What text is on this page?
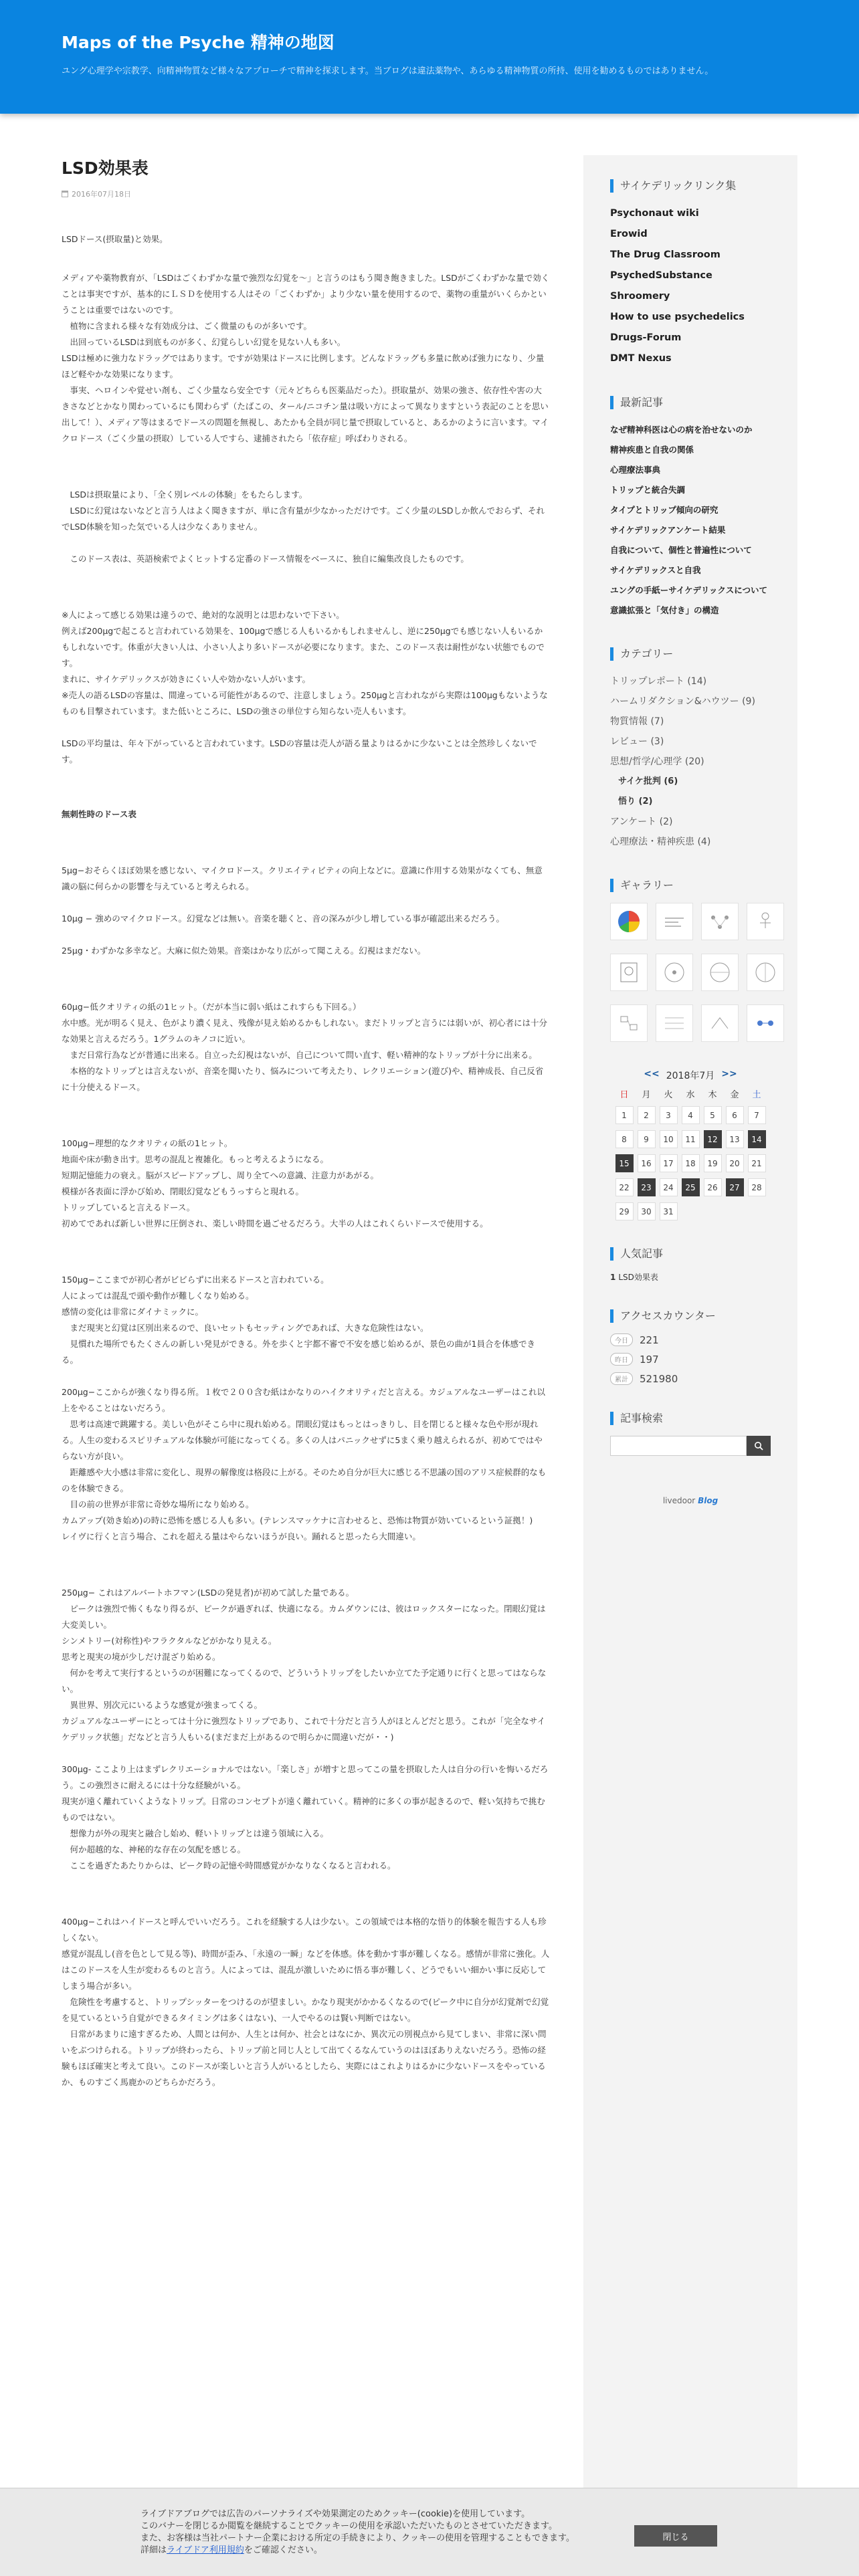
Maps of the Psyche 精神の地図
ユング心理学や宗教学、向精神物質など様々なアプローチで精神を探求します。当ブログは違法薬物や、あらゆる精神物質の所持、使用を勧めるものではありません。
LSD効果表
2016年07月18日

LSDドース(摂取量)と効果。

メディアや薬物教育が、「LSDはごくわずかな量で強烈な幻覚を〜」と言うのはもう聞き飽きました。LSDがごくわずかな量で効くことは事実ですが、基本的にＬＳＤを使用する人はその「ごくわずか」より少ない量を使用するので、薬物の重量がいくらかということは重要ではないのです。
　植物に含まれる様々な有効成分は、ごく微量のものが多いです。
　出回っているLSDは到底ものが多く、幻覚らしい幻覚を見ない人も多い。
LSDは極めに強力なドラッグではあります。ですが効果はドースに比例します。どんなドラッグも多量に飲めば強力になり、少量ほど軽やかな効果になります。
　事実、ヘロインや覚せい剤も、ごく少量なら安全です（元々どちらも医薬品だった）。摂取量が、効果の強さ、依存性や害の大きさなどとかなり関わっているにも関わらず（たばこの、タール/ニコチン量は吸い方によって異なりますという表記のことを思い出して！）、メディア等はまるでドースの問題を無視し、あたかも全員が同じ量で摂取していると、あるかのように言います。マイクロドース（ごく少量の摂取）している人ですら、逮捕されたら「依存症」呼ばわりされる。

　LSDは摂取量により、「全く別レベルの体験」をもたらします。
　LSDに幻覚はないなどと言う人はよく聞きますが、単に含有量が少なかっただけです。ごく少量のLSDしか飲んでおらず、それでLSD体験を知った気でいる人は少なくありません。

　このドース表は、英語検索でよくヒットする定番のドース情報をベースに、独自に編集改良したものです。

※人によって感じる効果は違うので、絶対的な説明とは思わないで下さい。
例えば200μgで起こると言われている効果を、100μgで感じる人もいるかもしれませんし、逆に250μgでも感じない人もいるかもしれないです。体重が大きい人は、小さい人より多いドースが必要になります。また、このドース表は耐性がない状態でものです。
まれに、サイケデリックスが効きにくい人や効かない人がいます。
※売人の語るLSDの容量は、間違っている可能性があるので、注意しましょう。250μgと言われながら実際は100μgもないようなものも目撃されています。また低いところに、LSDの強さの単位すら知らない売人もいます。

LSDの平均量は、年々下がっていると言われています。LSDの容量は売人が語る量よりはるかに少ないことは全然珍しくないです。

無刺性時のドース表

5μg−おそらくほぼ効果を感じない、マイクロドース。クリエイティビティの向上などに。意識に作用する効果がなくても、無意識の脳に何らかの影響を与えていると考えられる。

10μg − 強めのマイクロドース。幻覚などは無い。音楽を聴くと、音の深みが少し増している事が確認出来るだろう。

25μg・わずかな多幸など。大麻に似た効果。音楽はかなり広がって聞こえる。幻視はまだない。

60μg−低クオリティの紙の1ヒット。（だが本当に弱い紙はこれすらも下回る。）
水中感。光が明るく見え、色がより濃く見え、残像が見え始めるかもしれない。まだトリップと言うには弱いが、初心者には十分な効果と言えるだろう。1グラムのキノコに近い。
　まだ日常行為などが普通に出来る。自立った幻視はないが、自己について問い直す、軽い精神的なトリップが十分に出来る。
　本格的なトリップとは言えないが、音楽を聞いたり、悩みについて考えたり、レクリエーション(遊び)や、精神成長、自己反省に十分使えるドース。

100μg−理想的なクオリティの紙の1ヒット。
地面や床が動き出す。思考の混乱と複雑化。もっと考えるようになる。
短期記憶能力の衰え。脳がスピードアップし、周り全てへの意識、注意力があがる。
模様が各表面に浮かび始め、閉眼幻覚などもうっすらと現れる。
トリップしていると言えるドース。
初めてであれば新しい世界に圧倒され、楽しい時間を過ごせるだろう。大半の人はこれくらいドースで使用する。

150μg−ここまでが初心者がビビらずに出来るドースと言われている。
人によっては混乱で頭や動作が難しくなり始める。
感情の変化は非常にダイナミックに。
　まだ現実と幻覚は区別出来るので、良いセットもセッティングであれば、大きな危険性はない。
　見慣れた場所でもたくさんの新しい発見ができる。外を歩くと宇都不審で不安を感じ始めるが、景色の曲が1員合を体感できる。

200μg−ここからが強くなり得る所。１枚で２００含む紙はかなりのハイクオリティだと言える。カジュアルなユーザーはこれ以上をやることはないだろう。
　思考は高速で跳躍する。美しい色がそこら中に現れ始める。閉眼幻覚はもっとはっきりし、目を閉じると様々な色や形が現れる。人生の変わるスピリチュアルな体験が可能になってくる。多くの人はパニックせずに5まく乗り越えられるが、初めてではやらない方が良い。
　距離感や大小感は非常に変化し、現界の解像度は格段に上がる。そのため自分が巨大に感じる不思議の国のアリス症候群的なものを体験できる。
　目の前の世界が非常に奇妙な場所になり始める。
カムアップ(効き始め)の時に恐怖を感じる人も多い。(テレンスマッケナに言わせると、恐怖は物質が効いているという証拠！)
レイヴに行くと言う場合、これを超える量はやらないほうが良い。踊れると思ったら大間違い。

250μg− これはアルバートホフマン(LSDの発見者)が初めて試した量である。
　ピークは強烈で怖くもなり得るが、ピークが過ぎれば、快適になる。カムダウンには、彼はロックスターになった。閉眼幻覚は大変美しい。
シンメトリー(対称性)やフラクタルなどがかなり見える。
思考と現実の境が少しだけ混ざり始める。
　何かを考えて実行するというのが困難になってくるので、どういうトリップをしたいか立てた予定通りに行くと思ってはならない。
　異世界、別次元にいるような感覚が強まってくる。
カジュアルなユーザーにとっては十分に強烈なトリップであり、これで十分だと言う人がほとんどだと思う。これが「完全なサイケデリック状態」だなどと言う人もいる(まだまだ上があるので明らかに間違いだが・・)

300μg- ここより上はまずレクリエーショナルではない。「楽しさ」が増すと思ってこの量を摂取した人は自分の行いを悔いるだろう。この強烈さに耐えるには十分な経験がいる。
現実が遠く離れていくようなトリップ。日常のコンセプトが遠く離れていく。精神的に多くの事が起きるので、軽い気持ちで挑むものではない。
　想像力が外の現実と融合し始め、軽いトリップとは違う領域に入る。
　何か超越的な、神秘的な存在の気配を感じる。
　ここを過ぎたあたりからは、ピーク時の記憶や時間感覚がかなりなくなると言われる。

400μg−これはハイドースと呼んでいいだろう。これを経験する人は少ない。この領域では本格的な悟り的体験を報告する人も珍しくない。
感覚が混乱し(音を色として見る等)、時間が歪み、「永遠の一瞬」などを体感。体を動かす事が難しくなる。感情が非常に強化。人はこのドースを人生が変わるものと言う。人によっては、混乱が激しいために悟る事が難しく、どうでもいい細かい事に反応してしまう場合が多い。
　危険性を考慮すると、トリップシッターをつけるのが望ましい。かなり現実がかかるくなるので(ピーク中に自分が幻覚剤で幻覚を見ているという自覚ができるタイミングは多くはない)、一人でやるのは賢い判断ではない。
　日常があまりに遠すぎるため、人間とは何か、人生とは何か、社会とはなにか、異次元の別視点から見てしまい、非常に深い問いをぶつけられる。トリップが終わったら、トリップ前と同じ人として出てくるなんていうのはほぼありえないだろう。恐怖の経験もほぼ確実と考えて良い。このドースが楽しいと言う人がいるとしたら、実際にはこれよりはるかに少ないドースをやっているか、ものすごく馬鹿かのどちらかだろう。

サイケデリックリンク集
Psychonaut wiki
Erowid
The Drug Classroom
PsychedSubstance
Shroomery
How to use psychedelics
Drugs-Forum
DMT Nexus
最新記事
なぜ精神科医は心の病を治せないのか
精神疾患と自我の関係
心理療法事典
トリップと統合失調
タイプとトリップ傾向の研究
サイケデリックアンケート結果
自我について、個性と普遍性について
サイケデリックスと自我
ユングの手紙ーサイケデリックスについて
意識拡張と「気付き」の構造
カテゴリー
トリップレポート (14)
ハームリダクション&ハウツー (9)
物質情報 (7)
レビュー (3)
思想/哲学/心理学 (20)
サイケ批判 (6)
悟り (2)
アンケート (2)
心理療法・精神疾患 (4)
ギャラリー
<< 2018年7月 >>
日	月	火	水	木	金	土
1	2	3	4	5	6	7
8	9	10	11	12	13	14
15	16	17	18	19	20	21
22	23	24	25	26	27	28
29	30	31
人気記事
1 LSD効果表
アクセスカウンター
今日	221
昨日	197
累計	521980
記事検索
livedoor Blog
ライブドアブログでは広告のパーソナライズや効果測定のためクッキー(cookie)を使用しています。
このバナーを閉じるか閲覧を継続することでクッキーの使用を承認いただいたものとさせていただきます。
また、お客様は当社パートナー企業における所定の手続きにより、クッキーの使用を管理することもできます。
詳細はライブドア利用規約をご確認ください。
閉じる
